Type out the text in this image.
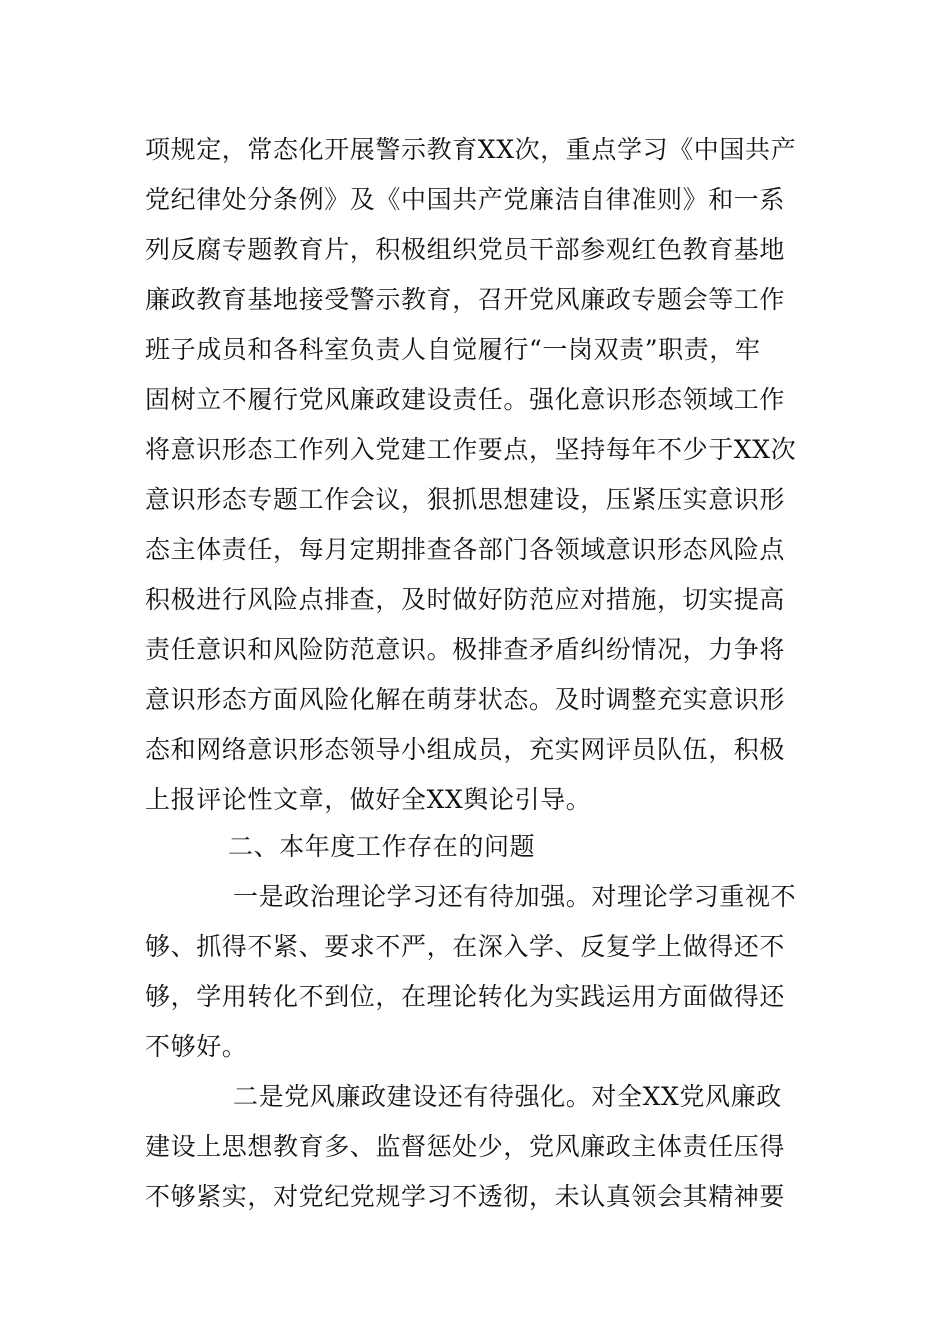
项规定，常态化开展警示教育XX次，重点学习《中国共产
党纪律处分条例》及《中国共产党廉洁自律准则》和一系
列反腐专题教育片，积极组织党员干部参观红色教育基地
廉政教育基地接受警示教育，召开党风廉政专题会等工作
班子成员和各科室负责人自觉履行“一岗双责”职责，牢
固树立不履行党风廉政建设责任。强化意识形态领域工作
将意识形态工作列入党建工作要点，坚持每年不少于XX次
意识形态专题工作会议，狠抓思想建设，压紧压实意识形
态主体责任，每月定期排查各部门各领域意识形态风险点
积极进行风险点排查，及时做好防范应对措施，切实提高
责任意识和风险防范意识。极排查矛盾纠纷情况，力争将
意识形态方面风险化解在萌芽状态。及时调整充实意识形
态和网络意识形态领导小组成员，充实网评员队伍，积极
上报评论性文章，做好全XX舆论引导。
二、本年度工作存在的问题
一是政治理论学习还有待加强。对理论学习重视不
够、抓得不紧、要求不严，在深入学、反复学上做得还不
够，学用转化不到位，在理论转化为实践运用方面做得还
不够好。
二是党风廉政建设还有待强化。对全XX党风廉政
建设上思想教育多、监督惩处少，党风廉政主体责任压得
不够紧实，对党纪党规学习不透彻，未认真领会其精神要
